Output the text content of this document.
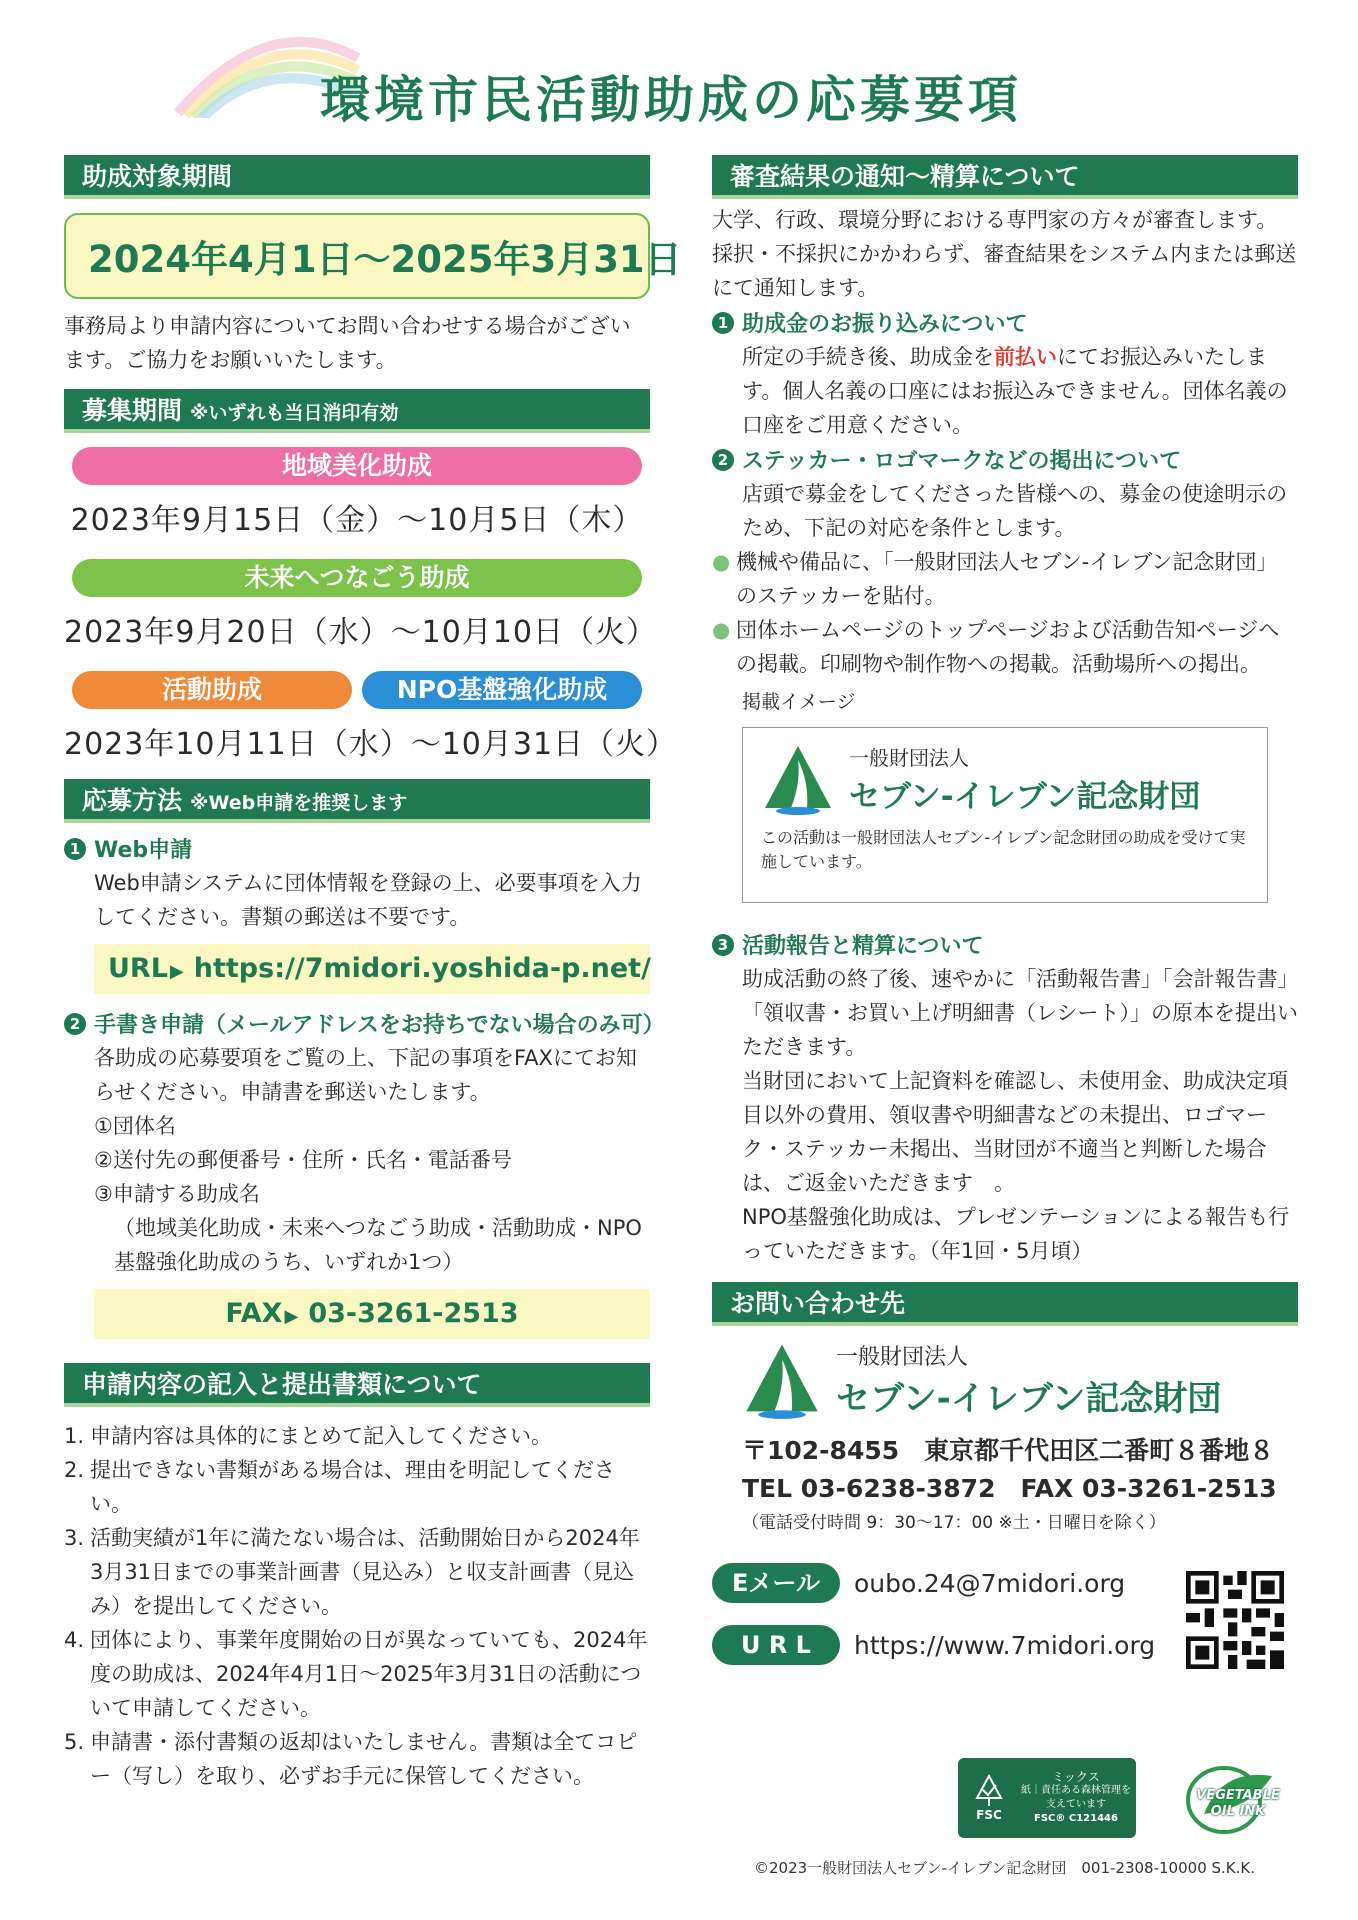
環境市民活動助成の応募要項
助成対象期間
2024年4月1日〜2025年3月31日
事務局より申請内容についてお問い合わせする場合がございます。ご協力をお願いいたします。
募集期間 ※いずれも当日消印有効
地域美化助成
2023年9月15日（金）〜10月5日（木）
未来へつなごう助成
2023年9月20日（水）〜10月10日（火）
活動助成	NPO基盤強化助成
2023年10月11日（水）〜10月31日（火）
応募方法 ※Web申請を推奨します
1 Web申請
Web申請システムに団体情報を登録の上、必要事項を入力してください。書類の郵送は不要です。
URL ▶ https://7midori.yoshida-p.net/
2 手書き申請（メールアドレスをお持ちでない場合のみ可）
各助成の応募要項をご覧の上、下記の事項をFAXにてお知らせください。申請書を郵送いたします。
①団体名
②送付先の郵便番号・住所・氏名・電話番号
③申請する助成名
（地域美化助成・未来へつなごう助成・活動助成・NPO基盤強化助成のうち、いずれか1つ）
FAX ▶ 03-3261-2513
申請内容の記入と提出書類について
1. 申請内容は具体的にまとめて記入してください。
2. 提出できない書類がある場合は、理由を明記してください。
3. 活動実績が1年に満たない場合は、活動開始日から2024年3月31日までの事業計画書（見込み）と収支計画書（見込み）を提出してください。
4. 団体により、事業年度開始の日が異なっていても、2024年度の助成は、2024年4月1日〜2025年3月31日の活動について申請してください。
5. 申請書・添付書類の返却はいたしません。書類は全てコピー（写し）を取り、必ずお手元に保管してください。
審査結果の通知〜精算について
大学、行政、環境分野における専門家の方々が審査します。採択・不採択にかかわらず、審査結果をシステム内または郵送にて通知します。
1 助成金のお振り込みについて
所定の手続き後、助成金を前払いにてお振込みいたします。個人名義の口座にはお振込みできません。団体名義の口座をご用意ください。
2 ステッカー・ロゴマークなどの掲出について
店頭で募金をしてくださった皆様への、募金の使途明示のため、下記の対応を条件とします。
● 機械や備品に、「一般財団法人セブン-イレブン記念財団」のステッカーを貼付。
● 団体ホームページのトップページおよび活動告知ページへの掲載。印刷物や制作物への掲載。活動場所への掲出。
掲載イメージ
一般財団法人
セブン-イレブン記念財団
この活動は一般財団法人セブン-イレブン記念財団の助成を受けて実施しています。
3 活動報告と精算について
助成活動の終了後、速やかに「活動報告書」「会計報告書」「領収書・お買い上げ明細書（レシート）」の原本を提出いただきます。
当財団において上記資料を確認し、未使用金、助成決定項目以外の費用、領収書や明細書などの未提出、ロゴマーク・ステッカー未掲出、当財団が不適当と判断した場合は、ご返金いただきます　。
NPO基盤強化助成は、プレゼンテーションによる報告も行っていただきます。（年1回・5月頃）
お問い合わせ先
一般財団法人
セブン-イレブン記念財団
〒102-8455　東京都千代田区二番町８番地８
TEL 03-6238-3872　FAX 03-3261-2513
（電話受付時間 9：30〜17：00 ※土・日曜日を除く）
Eメール	oubo.24@7midori.org
U R L	https://www.7midori.org
FSC
ミックス
紙｜責任ある森林管理を支えています
FSC® C121446
VEGETABLE OIL INK
©2023一般財団法人セブン-イレブン記念財団　001-2308-10000 S.K.K.
